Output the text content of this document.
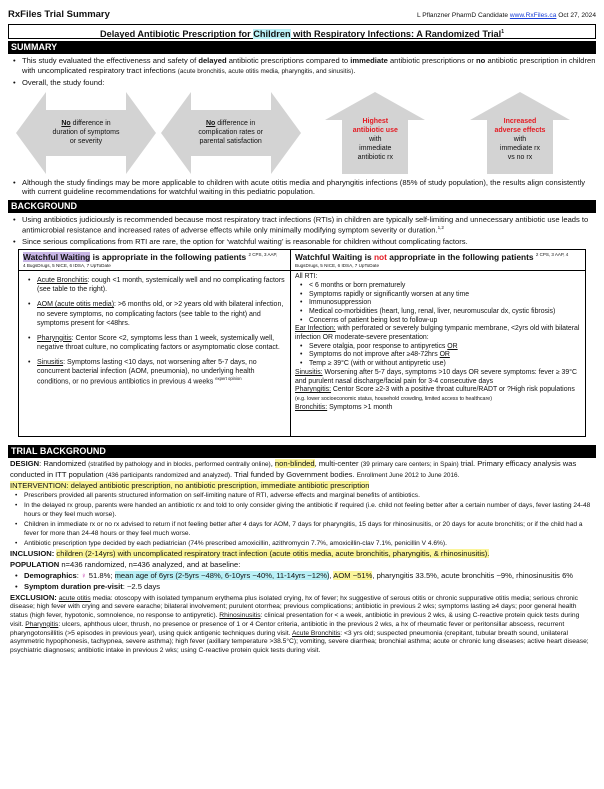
RxFiles Trial Summary	L Pflanzner PharmD Candidate www.RxFiles.ca Oct 27, 2024
Delayed Antibiotic Prescription for Children with Respiratory Infections: A Randomized Trial$^1$
SUMMARY
• This study evaluated the effectiveness and safety of delayed antibiotic prescriptions compared to immediate antibiotic prescriptions or no antibiotic prescription in children with uncomplicated respiratory tract infections (acute bronchitis, acute otitis media, pharyngitis, and sinusitis).
• Overall, the study found:
No difference in
duration of symptoms
or severity
No difference in
complication rates or
parental satisfaction
Highest
antibiotic use
with
immediate
antibiotic rx
Increased
adverse effects
with
immediate rx
vs no rx
• Although the study findings may be more applicable to children with acute otitis media and pharyngitis infections (85% of study population), the results align consistently with current guideline recommendations for watchful waiting in this pediatric population.
BACKGROUND
• Using antibiotics judiciously is recommended because most respiratory tract infections (RTIs) in children are typically self-limiting and unnecessary antibiotic use leads to antimicrobial resistance and increased rates of adverse effects while only minimally modifying symptom severity or duration.$^{1,2}$
• Since serious complications from RTI are rare, the option for ‘watchful waiting’ is reasonable for children without complicating factors.
Watchful Waiting is appropriate in the following patients $^{2 CPS, 3 AAP,}$
4 BugsDrugs, 5 NICE, 6 IDSA, 7 UpToDate
• Acute Bronchitis: cough <1 month, systemically well and no complicating factors (see table to the right).
• AOM (acute otitis media): >6 months old, or >2 years old with bilateral infection, no severe symptoms, no complicating factors (see table to the right) and symptoms present for <48hrs.
• Pharyngitis: Centor Score <2, symptoms less than 1 week, systemically well, negative throat culture, no complicating factors or asymptomatic close contact.
• Sinusitis: Symptoms lasting <10 days, not worsening after 5-7 days, no concurrent bacterial infection (AOM, pneumonia), no underlying health conditions, or no previous antibiotics in previous 4 weeks $^{expert opinion}$
Watchful Waiting is not appropriate in the following patients $^{2 CPS, 3 AAP, 4}$
BugsDrugs, 5 NICE, 6 IDSA, 7 UpToDate
All RTI:
• < 6 months or born prematurely
• Symptoms rapidly or significantly worsen at any time
• Immunosuppression
• Medical co-morbidities (heart, lung, renal, liver, neuromuscular dx, cystic fibrosis)
• Concerns of patient being lost to follow-up
Ear Infection: with perforated or severely bulging tympanic membrane, <2yrs old with bilateral infection OR moderate-severe presentation:
• Severe otalgia, poor response to antipyretics OR
• Symptoms do not improve after ≥48-72hrs OR
• Temp ≥ 39°C (with or without antipyretic use)
Sinusitis: Worsening after 5-7 days, symptoms >10 days OR severe symptoms: fever ≥ 39°C and purulent nasal discharge/facial pain for 3-4 consecutive days
Pharyngitis: Centor Score ≥2-3 with a positive throat culture/RADT or ?High risk populations (e.g. lower socioeconomic status, household crowding, limited access to healthcare)
Bronchitis: Symptoms >1 month
TRIAL BACKGROUND

DESIGN: Randomized (stratified by pathology and in blocks, performed centrally online), non-blinded, multi-center (39 primary care centers; in Spain) trial. Primary efficacy analysis was conducted in ITT population (436 participants randomized and analyzed). Trial funded by Government bodies. Enrollment June 2012 to June 2016.

INTERVENTION: delayed antibiotic prescription, no antibiotic prescription, immediate antibiotic prescription

• Prescribers provided all parents structured information on self-limiting nature of RTI, adverse effects and marginal benefits of antibiotics.
• In the delayed rx group, parents were handed an antibiotic rx and told to only consider giving the antibiotic if required (i.e. child not feeling better after a certain number of days, fever lasting 24-48 hours or they feel much worse).
• Children in immediate rx or no rx advised to return if not feeling better after 4 days for AOM, 7 days for pharyngitis, 15 days for rhinosinusitis, or 20 days for acute bronchitis; or if the child had a fever for more than 24-48 hours or they feel much worse.
• Antibiotic prescription type decided by each pediatrician (74% prescribed amoxicillin, azithromycin 7.7%, amoxicillin-clav 7.1%, penicillin V 4.6%).

INCLUSION: children (2-14yrs) with uncomplicated respiratory tract infection (acute otitis media, acute bronchitis, pharyngitis, & rhinosinusitis).

POPULATION n=436 randomized, n=436 analyzed, and at baseline:

• Demographics: ♀ 51.8%; mean age of 6yrs (2-5yrs ~48%, 6-10yrs ~40%, 11-14yrs ~12%), AOM ~51%, pharyngitis 33.5%, acute bronchitis ~9%, rhinosinusitis 6%
• Symptom duration pre-visit: ~2.5 days

EXCLUSION: acute otitis media: otoscopy with isolated tympanum erythema plus isolated crying, hx of fever; hx suggestive of serous otitis or chronic suppurative otitis media; serious chronic disease; high fever with crying and severe earache; bilateral involvement; purulent otorrhea; previous complications; antibiotic in previous 2 wks; symptoms lasting ≥4 days; poor general health status (high fever, hypotonic, somnolence, no response to antipyretic). Rhinosinusitis: clinical presentation for < a week, antibiotic in previous 2 wks, & using C-reactive protein quick tests during visit. Pharyngitis: ulcers, aphthous ulcer, thrush, no presence or presence of 1 or 4 Centor criteria, antibiotic in the previous 2 wks, a hx of rheumatic fever or peritonsillar abscess, recurrent pharyngotonsillitis (>5 episodes in previous year), using quick antigenic techniques during visit. Acute Bronchitis: <3 yrs old; suspected pneumonia (crepitant, tubular breath sound, unilateral asymmetric hypophonesis, tachypnea, severe asthma); high fever (axillary temperature >38.5°C); vomiting, severe diarrhea; bronchial asthma; acute or chronic lung diseases; active heart disease; psychiatric diagnoses; antibiotic intake in previous 2 wks; using C-reactive protein quick tests during visit.
